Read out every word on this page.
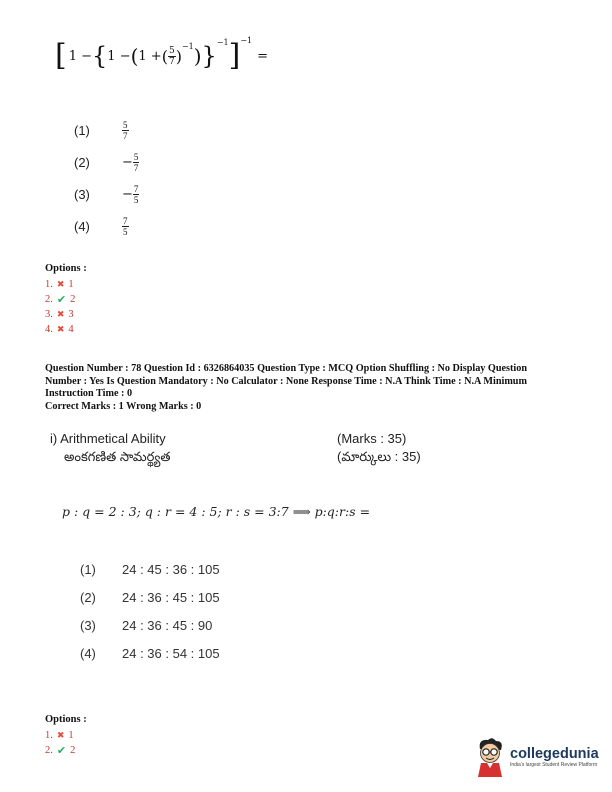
[ 1 − { 1 − ( 1 + ( $\frac{5}{7} )^{-1}$ ) }$^{-1}$ ]$^{-1}$
=
(1)	$\frac{5}{7}$
(2)	− $\frac{5}{7}$
(3)	− $\frac{7}{5}$
(4)	$\frac{7}{5}$
Options :
1. ✖ 1
2. ✔ 2
3. ✖ 3
4. ✖ 4
Question Number : 78 Question Id : 6326864035 Question Type : MCQ Option Shuffling : No Display Question
Number : Yes Is Question Mandatory : No Calculator : None Response Time : N.A Think Time : N.A Minimum
Instruction Time : 0
Correct Marks : 1 Wrong Marks : 0
i) Arithmetical Ability	(Marks : 35)
అంకగణిత సామర్థ్యత	(మార్కులు : 35)
p : q = 2 : 3; q : r = 4 : 5; r : s = 3:7 ⟹ p:q:r:s =
(1)	24 : 45 : 36 : 105
(2)	24 : 36 : 45 : 105
(3)	24 : 36 : 45 : 90
(4)	24 : 36 : 54 : 105
Options :
1. ✖ 1
2. ✔ 2	collegedunia
India's largest Student Review Platform
